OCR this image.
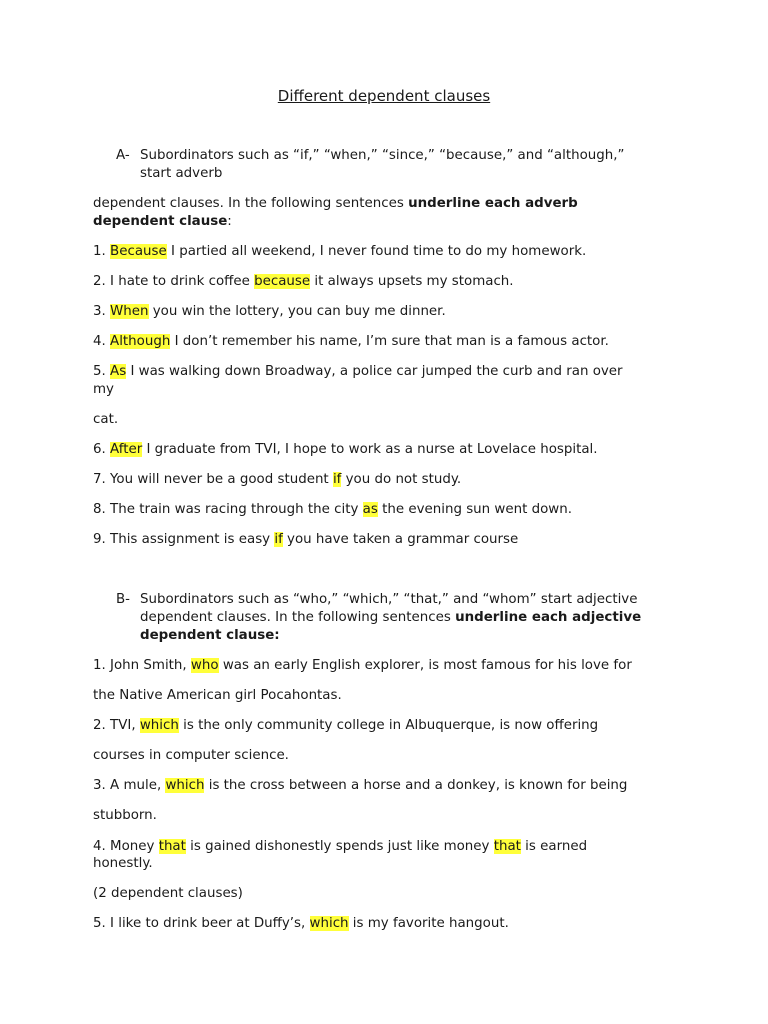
Different dependent clauses
A- Subordinators such as “if,” “when,” “since,” “because,” and “although,”
start adverb
dependent clauses. In the following sentences underline each adverb
dependent clause:
1. Because I partied all weekend, I never found time to do my homework.
2. I hate to drink coffee because it always upsets my stomach.
3. When you win the lottery, you can buy me dinner.
4. Although I don’t remember his name, I’m sure that man is a famous actor.
5. As I was walking down Broadway, a police car jumped the curb and ran over
my
cat.
6. After I graduate from TVI, I hope to work as a nurse at Lovelace hospital.
7. You will never be a good student if you do not study.
8. The train was racing through the city as the evening sun went down.
9. This assignment is easy if you have taken a grammar course
B- Subordinators such as “who,” “which,” “that,” and “whom” start adjective
dependent clauses. In the following sentences underline each adjective
dependent clause:
1. John Smith, who was an early English explorer, is most famous for his love for
the Native American girl Pocahontas.
2. TVI, which is the only community college in Albuquerque, is now offering
courses in computer science.
3. A mule, which is the cross between a horse and a donkey, is known for being
stubborn.
4. Money that is gained dishonestly spends just like money that is earned
honestly.
(2 dependent clauses)
5. I like to drink beer at Duffy’s, which is my favorite hangout.
